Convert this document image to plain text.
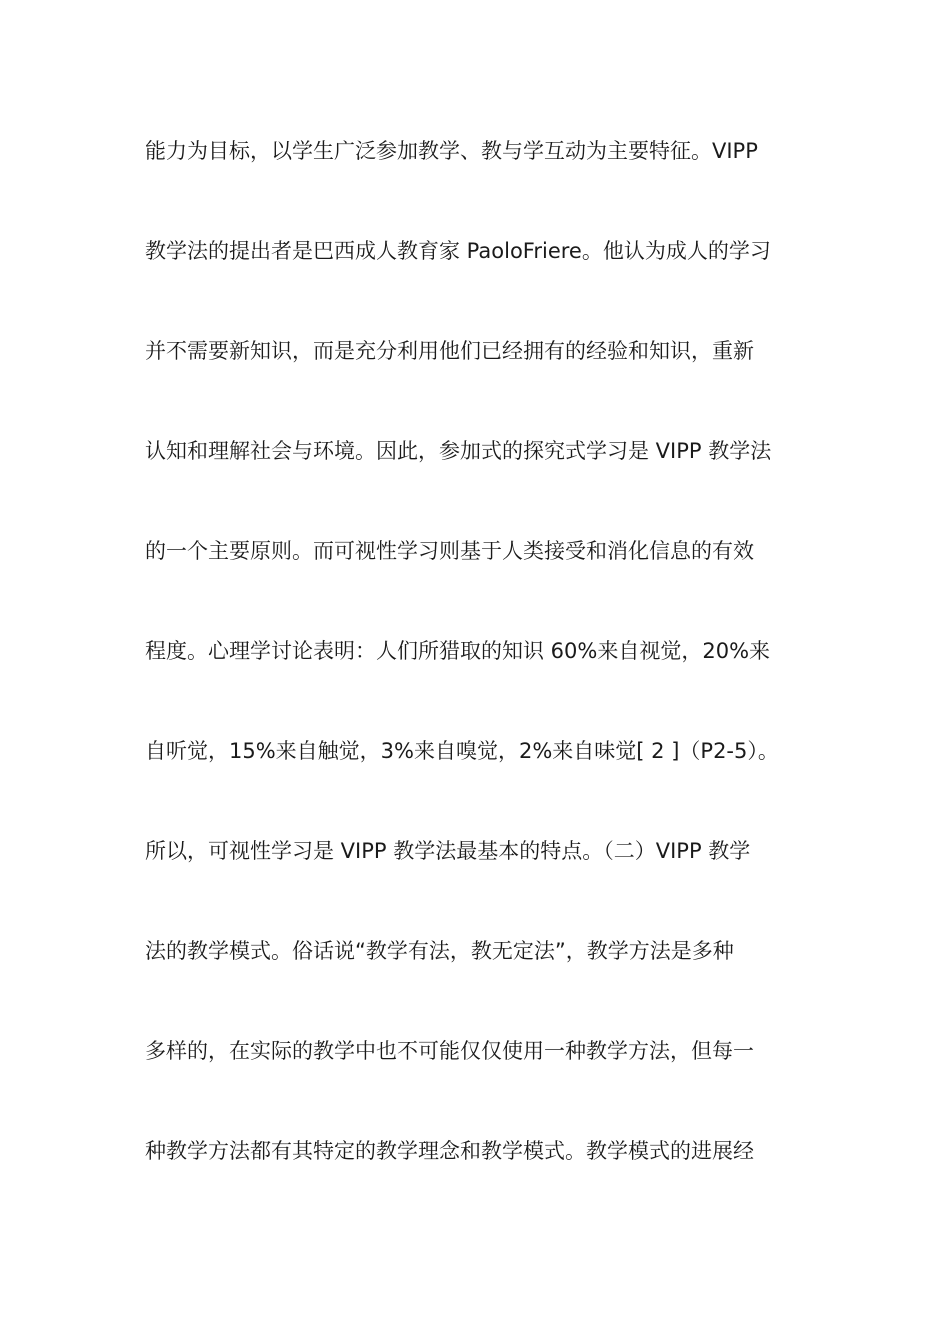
能力为目标，以学生广泛参加教学、教与学互动为主要特征。VIPP
教学法的提出者是巴西成人教育家 PaoloFriere。他认为成人的学习
并不需要新知识，而是充分利用他们已经拥有的经验和知识，重新
认知和理解社会与环境。因此，参加式的探究式学习是 VIPP 教学法
的一个主要原则。而可视性学习则基于人类接受和消化信息的有效
程度。心理学讨论表明：人们所猎取的知识 60%来自视觉，20%来
自听觉，15%来自触觉，3%来自嗅觉，2%来自味觉[ 2 ]（P2-5）。
所以，可视性学习是 VIPP 教学法最基本的特点。（二）VIPP 教学
法的教学模式。俗话说“教学有法，教无定法”，教学方法是多种
多样的，在实际的教学中也不可能仅仅使用一种教学方法，但每一
种教学方法都有其特定的教学理念和教学模式。教学模式的进展经
